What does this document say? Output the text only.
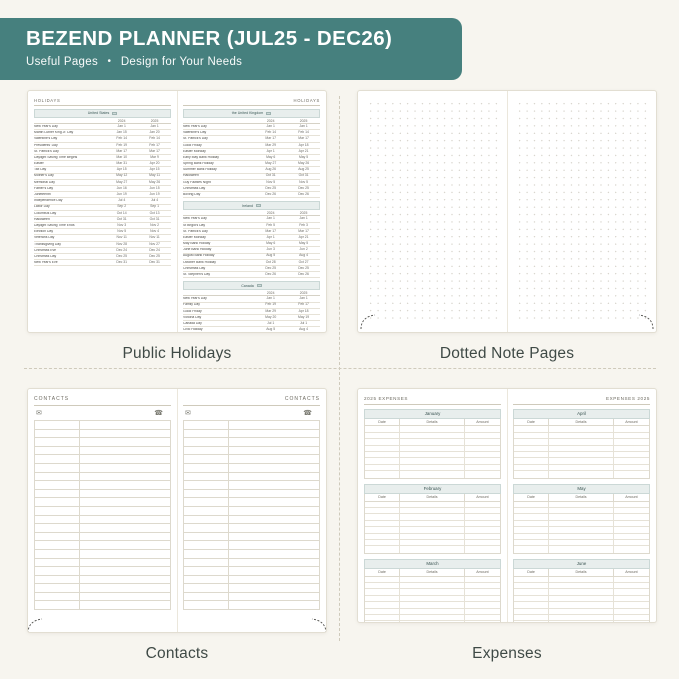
BEZEND PLANNER (JUL25 - DEC26)
Useful Pages • Design for Your Needs
HOLIDAYS
United States
2024	2025
New Year's Day	Jan 1	Jan 1
Martin Luther King Jr. Day	Jan 15	Jan 20
Valentine's Day	Feb 14	Feb 14
Presidents' Day	Feb 19	Feb 17
St. Patrick's Day	Mar 17	Mar 17
Daylight Saving Time Begins	Mar 10	Mar 9
Easter	Mar 31	Apr 20
Tax Day	Apr 15	Apr 15
Mother's Day	May 12	May 11
Memorial Day	May 27	May 26
Father's Day	Jun 16	Jun 15
Juneteenth	Jun 19	Jun 19
Independence Day	Jul 4	Jul 4
Labor Day	Sep 2	Sep 1
Columbus Day	Oct 14	Oct 13
Halloween	Oct 31	Oct 31
Daylight Saving Time Ends	Nov 3	Nov 2
Election Day	Nov 5	Nov 4
Veterans Day	Nov 11	Nov 11
Thanksgiving Day	Nov 28	Nov 27
Christmas Eve	Dec 24	Dec 24
Christmas Day	Dec 25	Dec 25
New Year's Eve	Dec 31	Dec 31
HOLIDAYS
the United Kingdom
2024	2025
New Year's Day	Jan 1	Jan 1
Valentine's Day	Feb 14	Feb 14
St. Patrick's Day	Mar 17	Mar 17
Good Friday	Mar 29	Apr 18
Easter Monday	Apr 1	Apr 21
Early May Bank Holiday	May 6	May 5
Spring Bank Holiday	May 27	May 26
Summer Bank Holiday	Aug 26	Aug 25
Halloween	Oct 31	Oct 31
Guy Fawkes Night	Nov 5	Nov 5
Christmas Day	Dec 25	Dec 25
Boxing Day	Dec 26	Dec 26
Ireland
2024	2025
New Year's Day	Jan 1	Jan 1
St Brigid's Day	Feb 5	Feb 3
St. Patrick's Day	Mar 17	Mar 17
Easter Monday	Apr 1	Apr 21
May Bank Holiday	May 6	May 5
June Bank Holiday	Jun 3	Jun 2
August Bank Holiday	Aug 5	Aug 4
October Bank Holiday	Oct 28	Oct 27
Christmas Day	Dec 25	Dec 25
St. Stephen's Day	Dec 26	Dec 26
Canada
2024	2025
New Year's Day	Jan 1	Jan 1
Family Day	Feb 19	Feb 17
Good Friday	Mar 29	Apr 18
Victoria Day	May 20	May 19
Canada Day	Jul 1	Jul 1
Civic Holiday	Aug 5	Aug 4
Public Holidays	Dotted Note Pages
CONTACTS
✉	☎
CONTACTS
✉	☎
Contacts
2025 EXPENSES
January
Date	Details	Amount
February
Date	Details	Amount
March
Date	Details	Amount
EXPENSES 2025
April
Date	Details	Amount
May
Date	Details	Amount
June
Date	Details	Amount
Expenses
